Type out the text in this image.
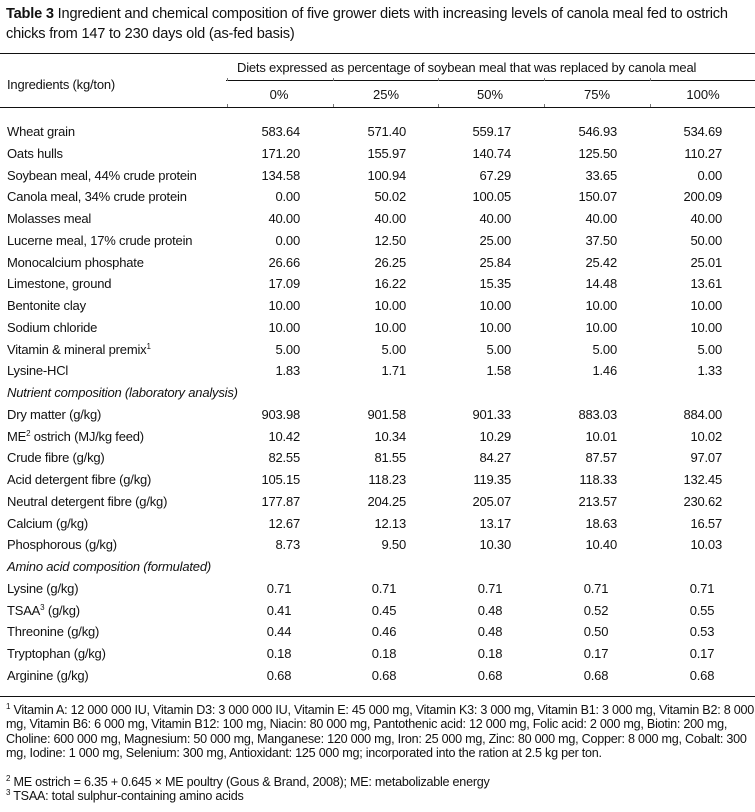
Table 3 Ingredient and chemical composition of five grower diets with increasing levels of canola meal fed to ostrich chicks from 147 to 230 days old (as-fed basis)
Ingredients (kg/ton)
Diets expressed as percentage of soybean meal that was replaced by canola meal
0%	25%	50%	75%	100%
Wheat grain	583.64	571.40	559.17	546.93	534.69
Oats hulls	171.20	155.97	140.74	125.50	110.27
Soybean meal, 44% crude protein	134.58	100.94	67.29	33.65	0.00
Canola meal, 34% crude protein	0.00	50.02	100.05	150.07	200.09
Molasses meal	40.00	40.00	40.00	40.00	40.00
Lucerne meal, 17% crude protein	0.00	12.50	25.00	37.50	50.00
Monocalcium phosphate	26.66	26.25	25.84	25.42	25.01
Limestone, ground	17.09	16.22	15.35	14.48	13.61
Bentonite clay	10.00	10.00	10.00	10.00	10.00
Sodium chloride	10.00	10.00	10.00	10.00	10.00
Vitamin & mineral premix$^1$	5.00	5.00	5.00	5.00	5.00
Lysine-HCl	1.83	1.71	1.58	1.46	1.33
Nutrient composition (laboratory analysis)
Dry matter (g/kg)	903.98	901.58	901.33	883.03	884.00
$ME^2$ ostrich (MJ/kg feed)	10.42	10.34	10.29	10.01	10.02
Crude fibre (g/kg)	82.55	81.55	84.27	87.57	97.07
Acid detergent fibre (g/kg)	105.15	118.23	119.35	118.33	132.45
Neutral detergent fibre (g/kg)	177.87	204.25	205.07	213.57	230.62
Calcium (g/kg)	12.67	12.13	13.17	18.63	16.57
Phosphorous (g/kg)	8.73	9.50	10.30	10.40	10.03
Amino acid composition (formulated)
Lysine (g/kg)	0.71	0.71	0.71	0.71	0.71
TSAA$^3$ (g/kg)	0.41	0.45	0.48	0.52	0.55
Threonine (g/kg)	0.44	0.46	0.48	0.50	0.53
Tryptophan (g/kg)	0.18	0.18	0.18	0.17	0.17
Arginine (g/kg)	0.68	0.68	0.68	0.68	0.68
$^1$ Vitamin A: 12 000 000 IU, Vitamin D3: 3 000 000 IU, Vitamin E: 45 000 mg, Vitamin K3: 3 000 mg, Vitamin B1: 3 000 mg, Vitamin B2: 8 000 mg, Vitamin B6: 6 000 mg, Vitamin B12: 100 mg, Niacin: 80 000 mg, Pantothenic acid: 12 000 mg, Folic acid: 2 000 mg, Biotin: 200 mg, Choline: 600 000 mg, Magnesium: 50 000 mg, Manganese: 120 000 mg, Iron: 25 000 mg, Zinc: 80 000 mg, Copper: 8 000 mg, Cobalt: 300 mg, Iodine: 1 000 mg, Selenium: 300 mg, Antioxidant: 125 000 mg; incorporated into the ration at 2.5 kg per ton.
$^2$ ME ostrich = 6.35 + 0.645 × ME poultry (Gous & Brand, 2008); ME: metabolizable energy
$^3$ TSAA: total sulphur-containing amino acids
